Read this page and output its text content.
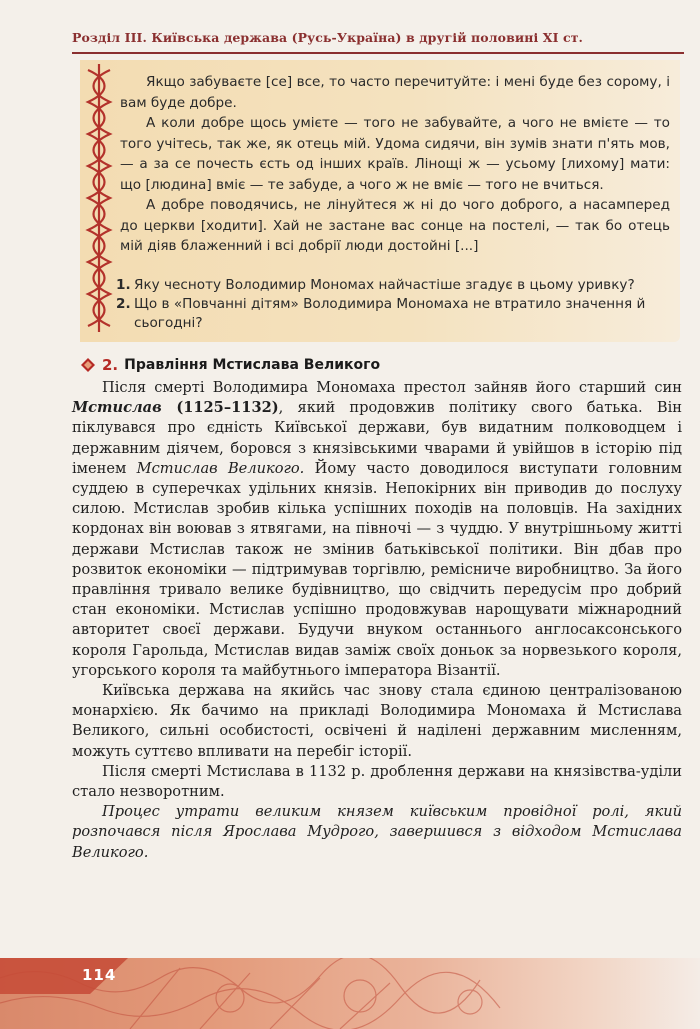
Розділ ІІІ. Київська держава (Русь-Україна) в другій половині ХІ ст.

Якщо забуваєте [се] все, то часто перечитуйте: і мені буде без сорому, і вам буде добре.

А коли добре щось умієте — того не забувайте, а чого не вмієте — то того учітесь, так же, як отець мій. Удома сидячи, він зумів знати п'ять мов, — а за се почесть єсть од інших країв. Лінощі ж — усьому [лихому] мати: що [людина] вміє — те забуде, а чого ж не вміє — того не вчиться.

А добре поводячись, не лінуйтеся ж ні до чого доброго, а насамперед до церкви [ходити]. Хай не застане вас сонце на постелі, — так бо отець мій діяв блаженний і всі добрії люди достойні [...]

1. Яку чесноту Володимир Мономах найчастіше згадує в цьому уривку?
2. Що в «Повчанні дітям» Володимира Мономаха не втратило значення й сьогодні?
2. Правління Мстислава Великого

Після смерті Володимира Мономаха престол зайняв його старший син Мстислав (1125–1132), який продовжив політику свого батька. Він піклувався про єдність Київської держави, був видатним полководцем і державним діячем, боровся з князівськими чварами й увійшов в історію під іменем Мстислав Великого. Йому часто доводилося виступати головним суддею в суперечках удільних князів. Непокірних він приводив до послуху силою. Мстислав зробив кілька успішних походів на половців. На західних кордонах він воював з ятвягами, на півночі — з чуддю. У внутрішньому житті держави Мстислав також не змінив батьківської політики. Він дбав про розвиток економіки — підтримував торгівлю, ремісниче виробництво. За його правління тривало велике будівництво, що свідчить передусім про добрий стан економіки. Мстислав успішно продовжував нарощувати міжнародний авторитет своєї держави. Будучи внуком останнього англосаксонського короля Гарольда, Мстислав видав заміж своїх доньок за норвезького короля, угорського короля та майбутнього імператора Візантії.

Київська держава на якийсь час знову стала єдиною централізованою монархією. Як бачимо на прикладі Володимира Мономаха й Мстислава Великого, сильні особистості, освічені й наділені державним мисленням, можуть суттєво впливати на перебіг історії.

Після смерті Мстислава в 1132 р. дроблення держави на князівства-уділи стало незворотним.

Процес утрати великим князем київським провідної ролі, який розпочався після Ярослава Мудрого, завершився з відходом Мстислава Великого.

114
